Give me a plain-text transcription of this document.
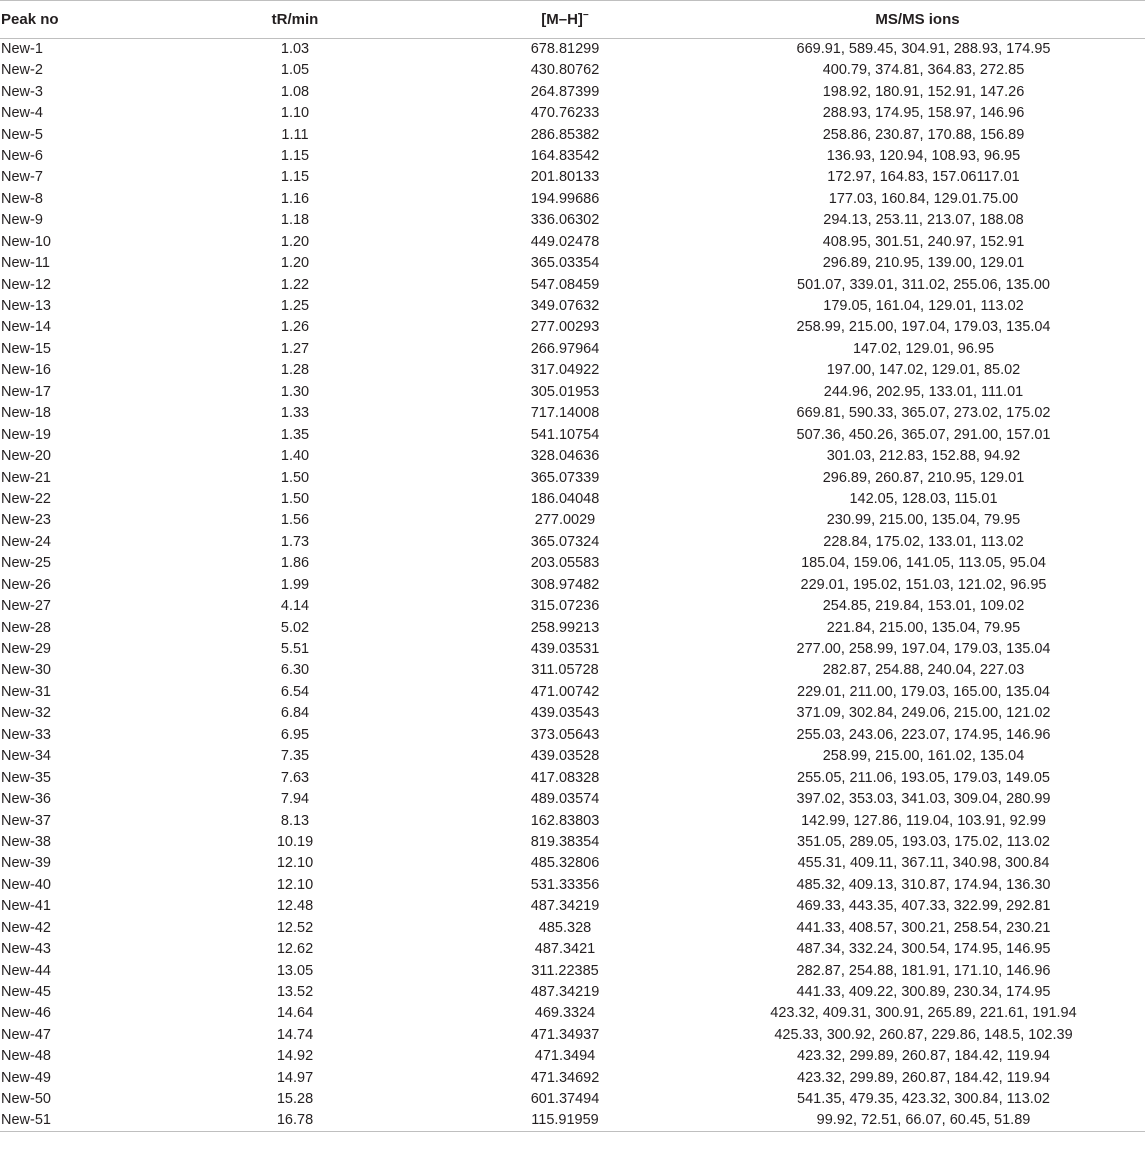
Peak no	tR/min	[M–H]−	MS/MS ions
New-1	1.03	678.81299	669.91, 589.45, 304.91, 288.93, 174.95
New-2	1.05	430.80762	400.79, 374.81, 364.83, 272.85
New-3	1.08	264.87399	198.92, 180.91, 152.91, 147.26
New-4	1.10	470.76233	288.93, 174.95, 158.97, 146.96
New-5	1.11	286.85382	258.86, 230.87, 170.88, 156.89
New-6	1.15	164.83542	136.93, 120.94, 108.93, 96.95
New-7	1.15	201.80133	172.97, 164.83, 157.06117.01
New-8	1.16	194.99686	177.03, 160.84, 129.01.75.00
New-9	1.18	336.06302	294.13, 253.11, 213.07, 188.08
New-10	1.20	449.02478	408.95, 301.51, 240.97, 152.91
New-11	1.20	365.03354	296.89, 210.95, 139.00, 129.01
New-12	1.22	547.08459	501.07, 339.01, 311.02, 255.06, 135.00
New-13	1.25	349.07632	179.05, 161.04, 129.01, 113.02
New-14	1.26	277.00293	258.99, 215.00, 197.04, 179.03, 135.04
New-15	1.27	266.97964	147.02, 129.01, 96.95
New-16	1.28	317.04922	197.00, 147.02, 129.01, 85.02
New-17	1.30	305.01953	244.96, 202.95, 133.01, 111.01
New-18	1.33	717.14008	669.81, 590.33, 365.07, 273.02, 175.02
New-19	1.35	541.10754	507.36, 450.26, 365.07, 291.00, 157.01
New-20	1.40	328.04636	301.03, 212.83, 152.88, 94.92
New-21	1.50	365.07339	296.89, 260.87, 210.95, 129.01
New-22	1.50	186.04048	142.05, 128.03, 115.01
New-23	1.56	277.0029	230.99, 215.00, 135.04, 79.95
New-24	1.73	365.07324	228.84, 175.02, 133.01, 113.02
New-25	1.86	203.05583	185.04, 159.06, 141.05, 113.05, 95.04
New-26	1.99	308.97482	229.01, 195.02, 151.03, 121.02, 96.95
New-27	4.14	315.07236	254.85, 219.84, 153.01, 109.02
New-28	5.02	258.99213	221.84, 215.00, 135.04, 79.95
New-29	5.51	439.03531	277.00, 258.99, 197.04, 179.03, 135.04
New-30	6.30	311.05728	282.87, 254.88, 240.04, 227.03
New-31	6.54	471.00742	229.01, 211.00, 179.03, 165.00, 135.04
New-32	6.84	439.03543	371.09, 302.84, 249.06, 215.00, 121.02
New-33	6.95	373.05643	255.03, 243.06, 223.07, 174.95, 146.96
New-34	7.35	439.03528	258.99, 215.00, 161.02, 135.04
New-35	7.63	417.08328	255.05, 211.06, 193.05, 179.03, 149.05
New-36	7.94	489.03574	397.02, 353.03, 341.03, 309.04, 280.99
New-37	8.13	162.83803	142.99, 127.86, 119.04, 103.91, 92.99
New-38	10.19	819.38354	351.05, 289.05, 193.03, 175.02, 113.02
New-39	12.10	485.32806	455.31, 409.11, 367.11, 340.98, 300.84
New-40	12.10	531.33356	485.32, 409.13, 310.87, 174.94, 136.30
New-41	12.48	487.34219	469.33, 443.35, 407.33, 322.99, 292.81
New-42	12.52	485.328	441.33, 408.57, 300.21, 258.54, 230.21
New-43	12.62	487.3421	487.34, 332.24, 300.54, 174.95, 146.95
New-44	13.05	311.22385	282.87, 254.88, 181.91, 171.10, 146.96
New-45	13.52	487.34219	441.33, 409.22, 300.89, 230.34, 174.95
New-46	14.64	469.3324	423.32, 409.31, 300.91, 265.89, 221.61, 191.94
New-47	14.74	471.34937	425.33, 300.92, 260.87, 229.86, 148.5, 102.39
New-48	14.92	471.3494	423.32, 299.89, 260.87, 184.42, 119.94
New-49	14.97	471.34692	423.32, 299.89, 260.87, 184.42, 119.94
New-50	15.28	601.37494	541.35, 479.35, 423.32, 300.84, 113.02
New-51	16.78	115.91959	99.92, 72.51, 66.07, 60.45, 51.89
